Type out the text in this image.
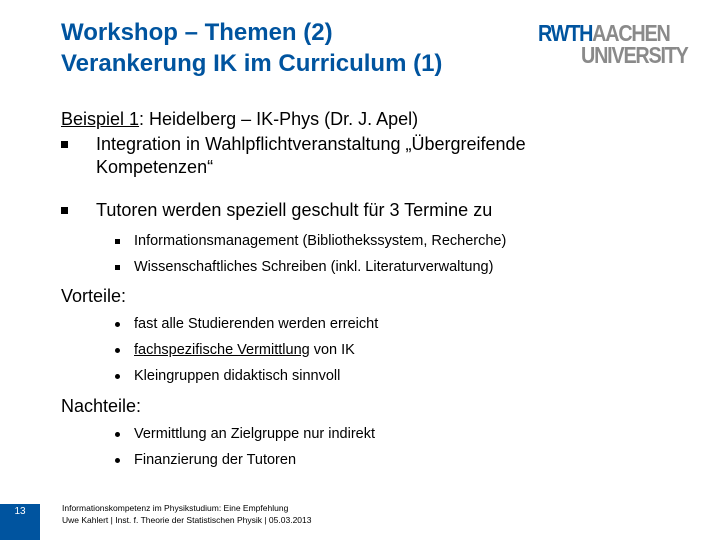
Workshop – Themen (2)
Verankerung IK im Curriculum (1)
RWTHAACHEN
UNIVERSITY
Beispiel 1: Heidelberg – IK-Phys (Dr. J. Apel)
Integration in Wahlpflichtveranstaltung „Übergreifende
Kompetenzen“
Tutoren werden speziell geschult für 3 Termine zu
Informationsmanagement (Bibliothekssystem, Recherche)
Wissenschaftliches Schreiben (inkl. Literaturverwaltung)
Vorteile:
fast alle Studierenden werden erreicht
fachspezifische Vermittlung von IK
Kleingruppen didaktisch sinnvoll
Nachteile:
Vermittlung an Zielgruppe nur indirekt
Finanzierung der Tutoren
13	Informationskompetenz im Physikstudium: Eine Empfehlung
Uwe Kahlert | Inst. f. Theorie der Statistischen Physik | 05.03.2013
